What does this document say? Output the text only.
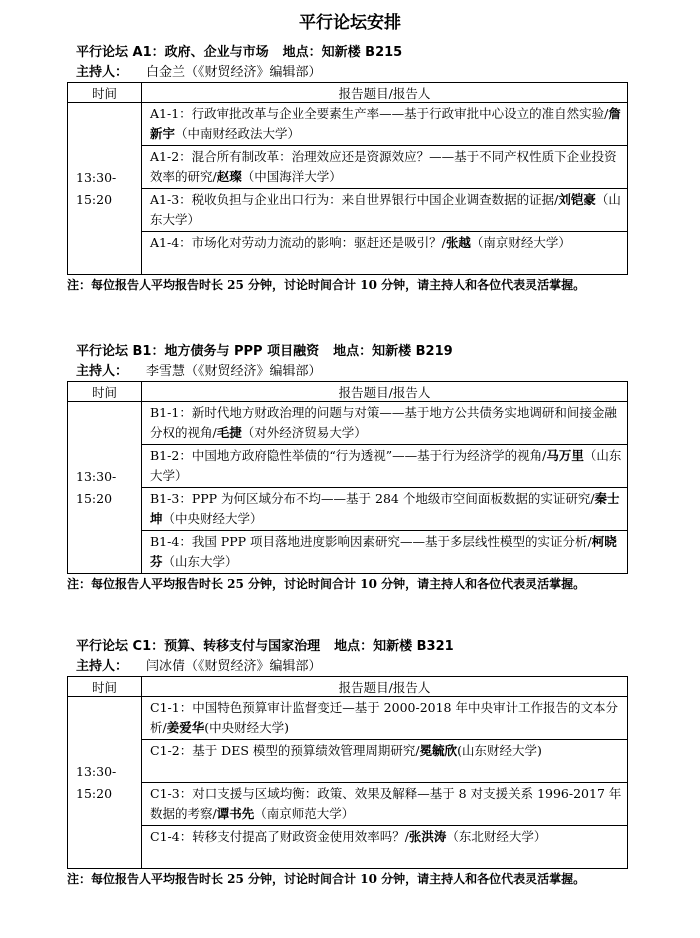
平行论坛安排
平行论坛 A1：政府、企业与市场 地点：知新楼 B215
主持人： 白金兰（《财贸经济》编辑部）
时间	报告题目/报告人
13:30-15:20	A1-1：行政审批改革与企业全要素生产率——基于行政审批中心设立的准自然实验/詹新宇（中南财经政法大学）
	A1-2：混合所有制改革：治理效应还是资源效应？——基于不同产权性质下企业投资效率的研究/赵璨（中国海洋大学）
	A1-3：税收负担与企业出口行为：来自世界银行中国企业调查数据的证据/刘铠豪（山东大学）
	A1-4：市场化对劳动力流动的影响：驱赶还是吸引？/张越（南京财经大学）
注：每位报告人平均报告时长 25 分钟，讨论时间合计 10 分钟，请主持人和各位代表灵活掌握。
平行论坛 B1：地方债务与 PPP 项目融资 地点：知新楼 B219
主持人： 李雪慧（《财贸经济》编辑部）
时间	报告题目/报告人
13:30-15:20	B1-1：新时代地方财政治理的问题与对策——基于地方公共债务实地调研和间接金融分权的视角/毛捷（对外经济贸易大学）
	B1-2：中国地方政府隐性举债的“行为透视”——基于行为经济学的视角/马万里（山东大学）
	B1-3：PPP 为何区域分布不均——基于 284 个地级市空间面板数据的实证研究/秦士坤（中央财经大学）
	B1-4：我国 PPP 项目落地进度影响因素研究——基于多层线性模型的实证分析/柯晓芬（山东大学）
注：每位报告人平均报告时长 25 分钟，讨论时间合计 10 分钟，请主持人和各位代表灵活掌握。
平行论坛 C1：预算、转移支付与国家治理 地点：知新楼 B321
主持人： 闫冰倩（《财贸经济》编辑部）
时间	报告题目/报告人
13:30-15:20	C1-1：中国特色预算审计监督变迁—基于 2000-2018 年中央审计工作报告的文本分析/姜爱华(中央财经大学)
	C1-2：基于 DES 模型的预算绩效管理周期研究/冕毓欣(山东财经大学)
	C1-3：对口支援与区域均衡：政策、效果及解释—基于 8 对支援关系 1996-2017 年数据的考察/谭书先（南京师范大学）
	C1-4：转移支付提高了财政资金使用效率吗？/张洪涛（东北财经大学）
注：每位报告人平均报告时长 25 分钟，讨论时间合计 10 分钟，请主持人和各位代表灵活掌握。
